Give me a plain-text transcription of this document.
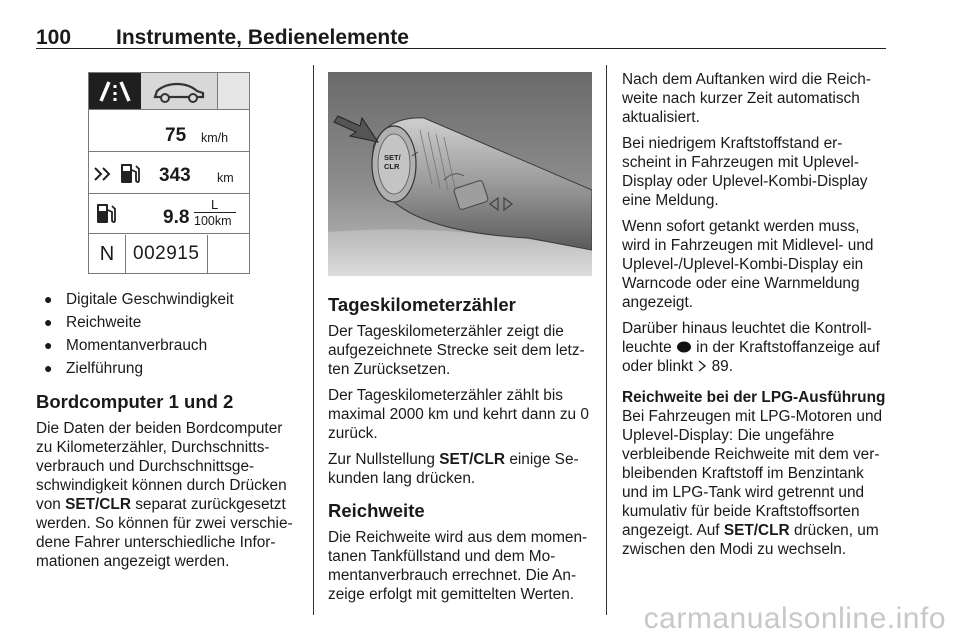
100 Instrumente, Bedienelemente
75 km/h
343 km
9.8
L
100km
N 002915
● Digitale Geschwindigkeit
● Reichweite
● Momentanverbrauch
● Zielführung
Bordcomputer 1 und 2

Die Daten der beiden Bordcomputer zu Kilometerzähler, Durchschnitts-verbrauch und Durchschnittsge-schwindigkeit können durch Drücken von SET/CLR separat zurückgesetzt werden. So können für zwei verschie-dene Fahrer unterschiedliche Infor-mationen angezeigt werden.

SET/
CLR
Tageskilometerzähler

Der Tageskilometerzähler zeigt die aufgezeichnete Strecke seit dem letz-ten Zurücksetzen.

Der Tageskilometerzähler zählt bis maximal 2000 km und kehrt dann zu 0 zurück.

Zur Nullstellung SET/CLR einige Se-kunden lang drücken.

Reichweite

Die Reichweite wird aus dem momen-tanen Tankfüllstand und dem Mo-mentanverbrauch errechnet. Die An-zeige erfolgt mit gemittelten Werten.

Nach dem Auftanken wird die Reich-weite nach kurzer Zeit automatisch aktualisiert.

Bei niedrigem Kraftstoffstand er-scheint in Fahrzeugen mit Uplevel-Display oder Uplevel-Kombi-Display eine Meldung.

Wenn sofort getankt werden muss, wird in Fahrzeugen mit Midlevel- und Uplevel-/Uplevel-Kombi-Display ein Warncode oder eine Warnmeldung angezeigt.

Darüber hinaus leuchtet die Kontroll-leuchte  in der Kraftstoffanzeige auf oder blinkt  89.

Reichweite bei der LPG-Ausführung

Bei Fahrzeugen mit LPG-Motoren und Uplevel-Display: Die ungefähre verbleibende Reichweite mit dem ver-bleibenden Kraftstoff im Benzintank und im LPG-Tank wird getrennt und kumulativ für beide Kraftstoffsorten angezeigt. Auf SET/CLR drücken, um zwischen den Modi zu wechseln.

carmanualsonline.info
